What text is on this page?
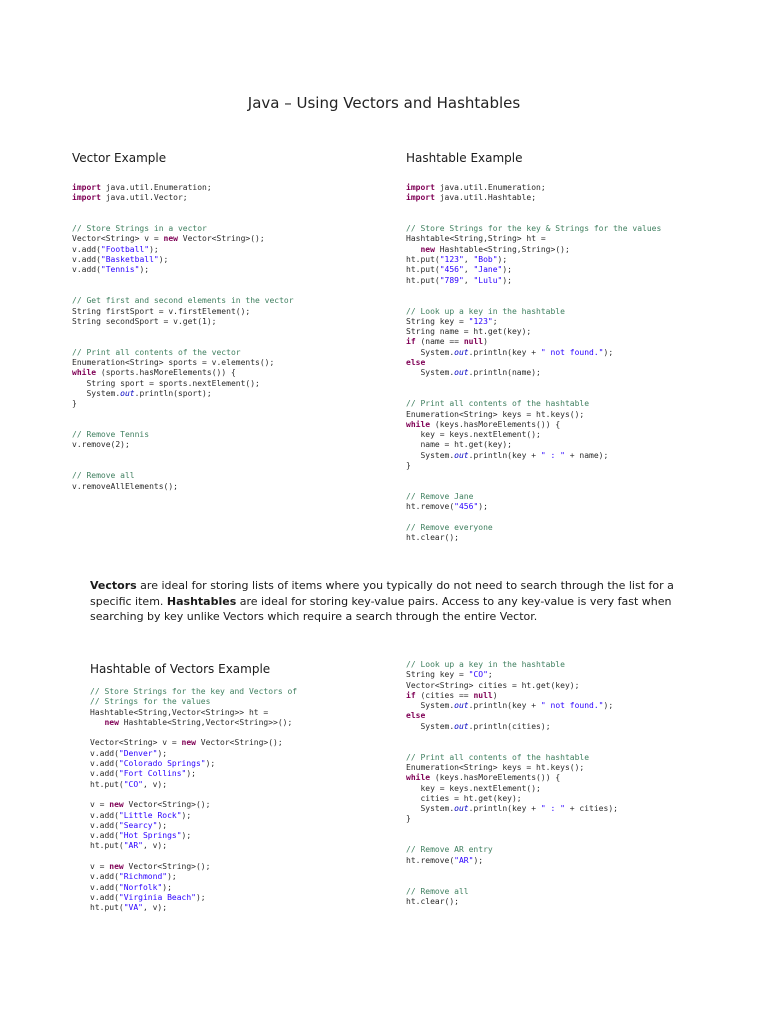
Java – Using Vectors and Hashtables
Vector Example
import java.util.Enumeration;
import java.util.Vector;
// Store Strings in a vector
Vector<String> v = new Vector<String>();
v.add("Football");
v.add("Basketball");
v.add("Tennis");
// Get first and second elements in the vector
String firstSport = v.firstElement();
String secondSport = v.get(1);
// Print all contents of the vector
Enumeration<String> sports = v.elements();
while (sports.hasMoreElements()) {
String sport = sports.nextElement();
System.out.println(sport);
}
// Remove Tennis
v.remove(2);
// Remove all
v.removeAllElements();
Hashtable Example
import java.util.Enumeration;
import java.util.Hashtable;
// Store Strings for the key & Strings for the values
Hashtable<String,String> ht =
new Hashtable<String,String>();
ht.put("123", "Bob");
ht.put("456", "Jane");
ht.put("789", "Lulu");
// Look up a key in the hashtable
String key = "123";
String name = ht.get(key);
if (name == null)
System.out.println(key + " not found.");
else
System.out.println(name);
// Print all contents of the hashtable
Enumeration<String> keys = ht.keys();
while (keys.hasMoreElements()) {
key = keys.nextElement();
name = ht.get(key);
System.out.println(key + " : " + name);
}
// Remove Jane
ht.remove("456");
// Remove everyone
ht.clear();
Vectors are ideal for storing lists of items where you typically do not need to search through the list for a specific item. Hashtables are ideal for storing key-value pairs. Access to any key-value is very fast when searching by key unlike Vectors which require a search through the entire Vector.
Hashtable of Vectors Example
// Store Strings for the key and Vectors of
// Strings for the values
Hashtable<String,Vector<String>> ht =
new Hashtable<String,Vector<String>>();
Vector<String> v = new Vector<String>();
v.add("Denver");
v.add("Colorado Springs");
v.add("Fort Collins");
ht.put("CO", v);
v = new Vector<String>();
v.add("Little Rock");
v.add("Searcy");
v.add("Hot Springs");
ht.put("AR", v);
v = new Vector<String>();
v.add("Richmond");
v.add("Norfolk");
v.add("Virginia Beach");
ht.put("VA", v);
// Look up a key in the hashtable
String key = "CO";
Vector<String> cities = ht.get(key);
if (cities == null)
System.out.println(key + " not found.");
else
System.out.println(cities);
// Print all contents of the hashtable
Enumeration<String> keys = ht.keys();
while (keys.hasMoreElements()) {
key = keys.nextElement();
cities = ht.get(key);
System.out.println(key + " : " + cities);
}
// Remove AR entry
ht.remove("AR");
// Remove all
ht.clear();
